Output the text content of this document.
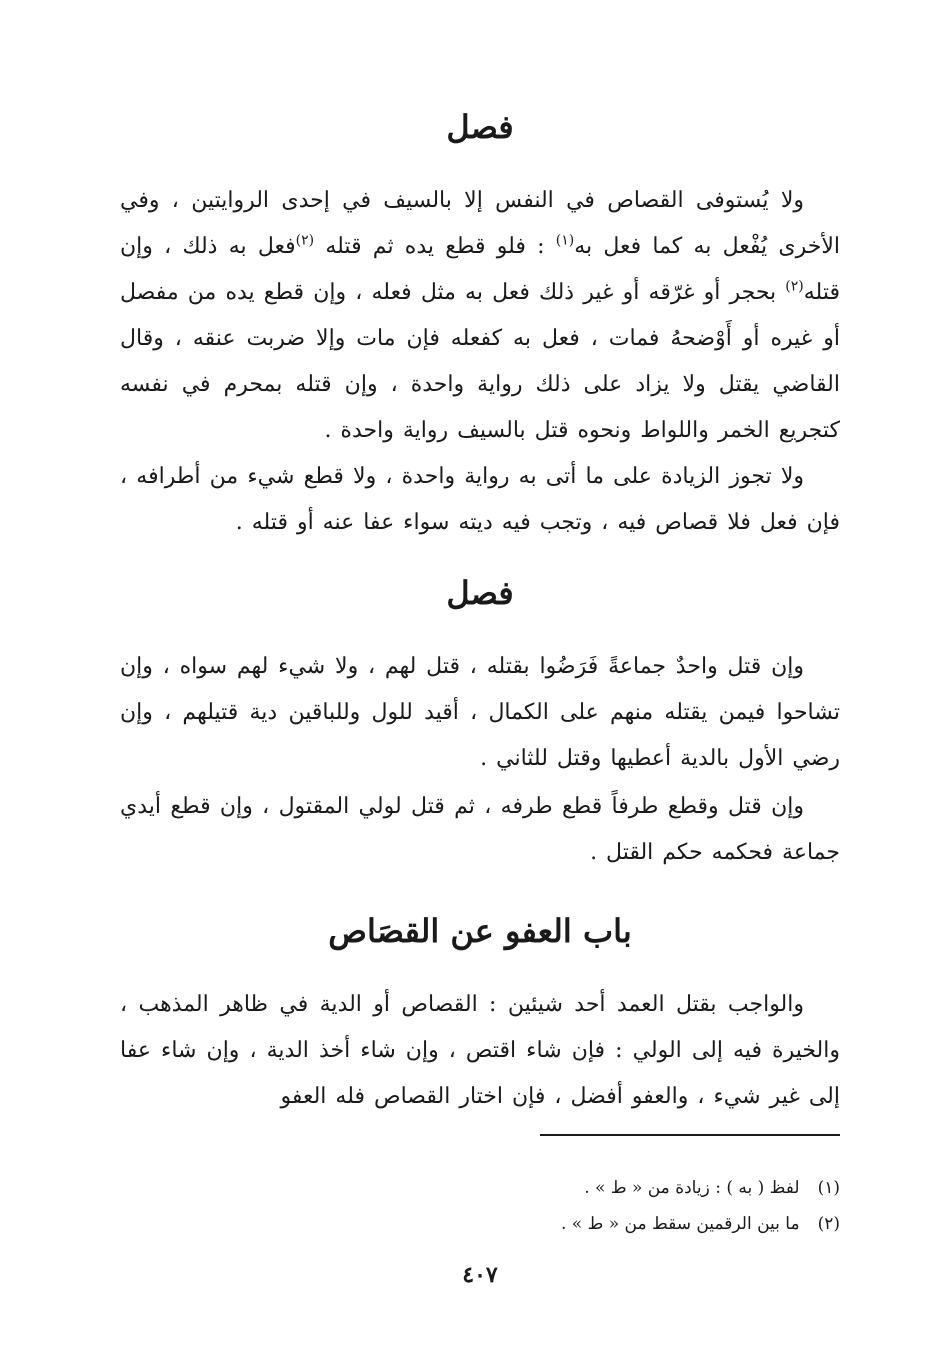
فصل

ولا يُستوفى القصاص في النفس إلا بالسيف في إحدى الروايتين ، وفي الأخرى يُفْعل به كما فعل به$^{(١)}$ : فلو قطع يده ثم قتله $^{(٢)}$فعل به ذلك ، وإن قتله$^{(٢)}$ بحجر أو غرّقه أو غير ذلك فعل به مثل فعله ، وإن قطع يده من مفصل أو غيره أو أَوْضحهُ فمات ، فعل به كفعله فإن مات وإلا ضربت عنقه ، وقال القاضي يقتل ولا يزاد على ذلك رواية واحدة ، وإن قتله بمحرم في نفسه كتجريع الخمر واللواط ونحوه قتل بالسيف رواية واحدة .

ولا تجوز الزيادة على ما أتى به رواية واحدة ، ولا قطع شيء من أطرافه ، فإن فعل فلا قصاص فيه ، وتجب فيه ديته سواء عفا عنه أو قتله .

فصل

وإن قتل واحدٌ جماعةً فَرَضُوا بقتله ، قتل لهم ، ولا شيء لهم سواه ، وإن تشاحوا فيمن يقتله منهم على الكمال ، أقيد للول وللباقين دية قتيلهم ، وإن رضي الأول بالدية أعطيها وقتل للثاني .

وإن قتل وقطع طرفاً قطع طرفه ، ثم قتل لولي المقتول ، وإن قطع أيدي جماعة فحكمه حكم القتل .

باب العفو عن القصَاص

والواجب بقتل العمد أحد شيئين : القصاص أو الدية في ظاهر المذهب ، والخيرة فيه إلى الولي : فإن شاء اقتص ، وإن شاء أخذ الدية ، وإن شاء عفا إلى غير شيء ، والعفو أفضل ، فإن اختار القصاص فله العفو

(١)
لفظ ( به ) : زيادة من « ط » .
(٢)
ما بين الرقمين سقط من « ط » .
٤٠٧
